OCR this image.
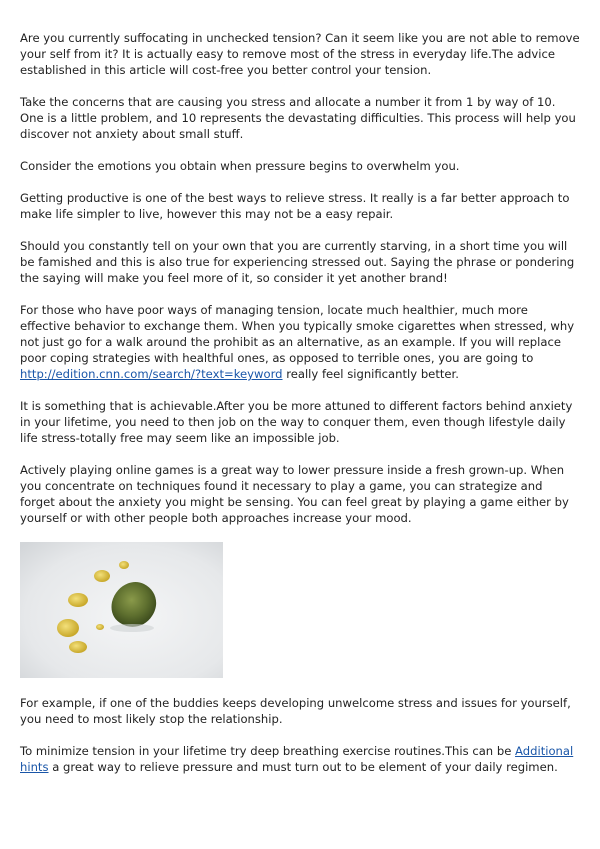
Are you currently suffocating in unchecked tension? Can it seem like you are not able to remove your self from it? It is actually easy to remove most of the stress in everyday life.The advice established in this article will cost-free you better control your tension.

Take the concerns that are causing you stress and allocate a number it from 1 by way of 10. One is a little problem, and 10 represents the devastating difficulties. This process will help you discover not anxiety about small stuff.

Consider the emotions you obtain when pressure begins to overwhelm you.

Getting productive is one of the best ways to relieve stress. It really is a far better approach to make life simpler to live, however this may not be a easy repair.

Should you constantly tell on your own that you are currently starving, in a short time you will be famished and this is also true for experiencing stressed out. Saying the phrase or pondering the saying will make you feel more of it, so consider it yet another brand!

For those who have poor ways of managing tension, locate much healthier, much more effective behavior to exchange them. When you typically smoke cigarettes when stressed, why not just go for a walk around the prohibit as an alternative, as an example. If you will replace poor coping strategies with healthful ones, as opposed to terrible ones, you are going to http://edition.cnn.com/search/?text=keyword really feel significantly better.

It is something that is achievable.After you be more attuned to different factors behind anxiety in your lifetime, you need to then job on the way to conquer them, even though lifestyle daily life stress-totally free may seem like an impossible job.

Actively playing online games is a great way to lower pressure inside a fresh grown-up. When you concentrate on techniques found it necessary to play a game, you can strategize and forget about the anxiety you might be sensing. You can feel great by playing a game either by yourself or with other people both approaches increase your mood.

For example, if one of the buddies keeps developing unwelcome stress and issues for yourself, you need to most likely stop the relationship.

To minimize tension in your lifetime try deep breathing exercise routines.This can be Additional hints a great way to relieve pressure and must turn out to be element of your daily regimen.
